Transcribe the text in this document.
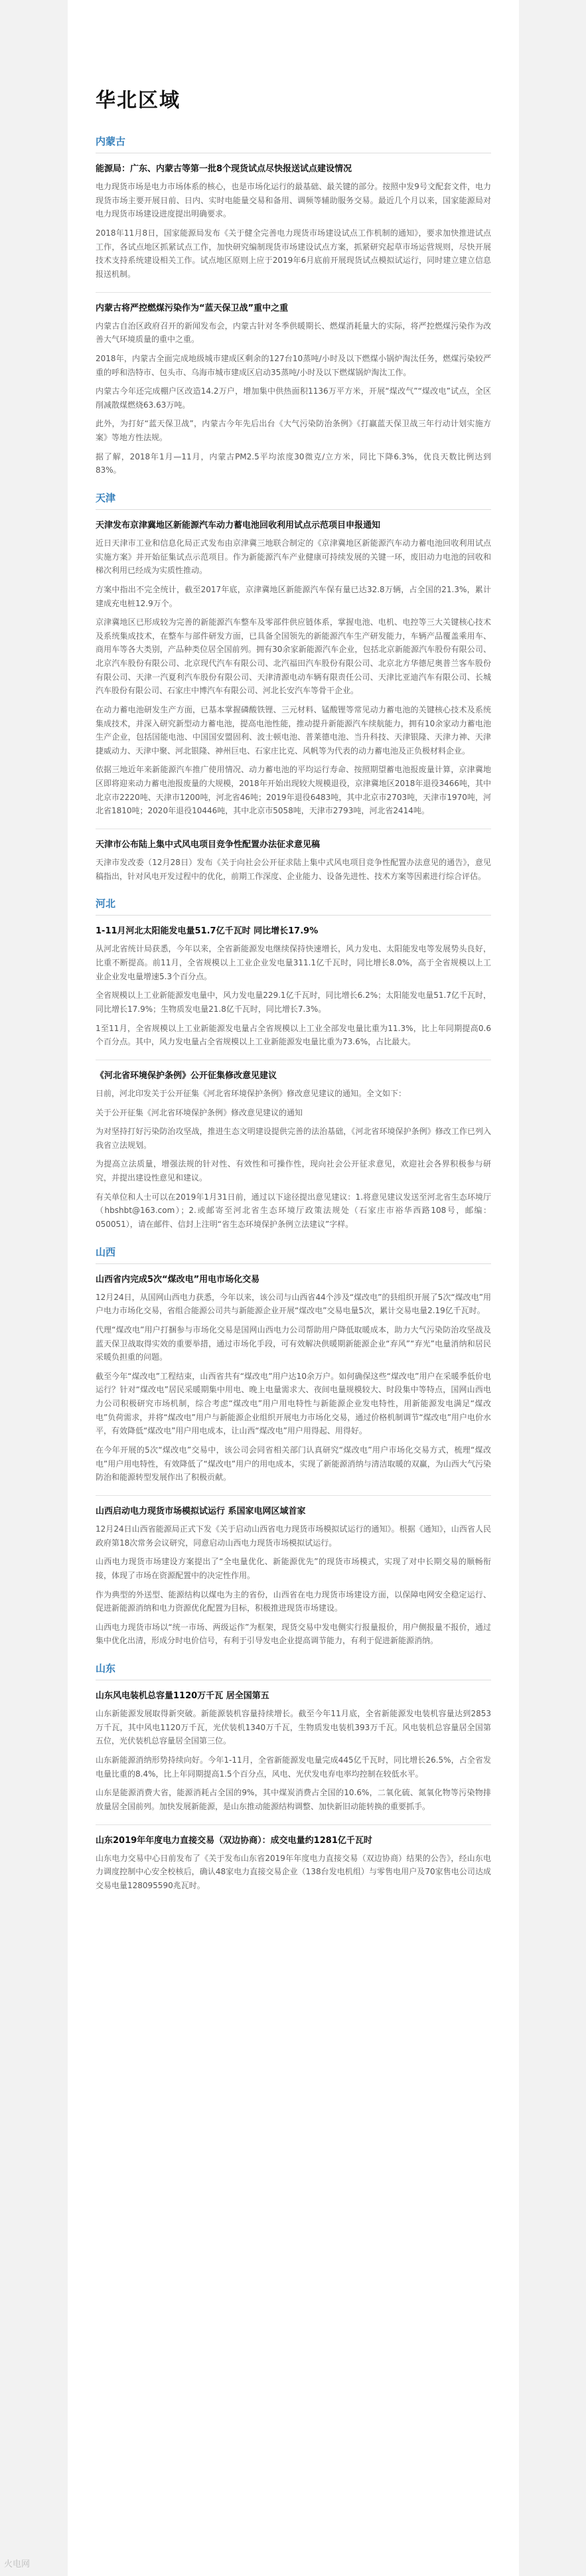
华北区域
内蒙古
能源局：广东、内蒙古等第一批8个现货试点尽快报送试点建设情况

电力现货市场是电力市场体系的核心，也是市场化运行的最基础、最关键的部分。按照中发9号文配套文件，电力现货市场主要开展日前、日内、实时电能量交易和备用、调频等辅助服务交易。最近几个月以来，国家能源局对电力现货市场建设进度提出明确要求。

2018年11月8日，国家能源局发布《关于健全完善电力现货市场建设试点工作机制的通知》，要求加快推进试点工作，各试点地区抓紧试点工作，加快研究编制现货市场建设试点方案，抓紧研究起草市场运营规则，尽快开展技术支持系统建设相关工作。试点地区原则上应于2019年6月底前开展现货试点模拟试运行，同时建立建立信息报送机制。

内蒙古将严控燃煤污染作为“蓝天保卫战”重中之重

内蒙古自治区政府召开的新闻发布会，内蒙古针对冬季供暖期长、燃煤消耗量大的实际，将严控燃煤污染作为改善大气环境质量的重中之重。

2018年，内蒙古全面完成地级城市建成区剩余的127台10蒸吨/小时及以下燃煤小锅炉淘汰任务，燃煤污染较严重的呼和浩特市、包头市、乌海市城市建成区启动35蒸吨/小时及以下燃煤锅炉淘汰工作。

内蒙古今年还完成棚户区改造14.2万户，增加集中供热面积1136万平方米，开展“煤改气”“煤改电”试点，全区削减散煤燃烧63.63万吨。

此外，为打好“蓝天保卫战”，内蒙古今年先后出台《大气污染防治条例》《打赢蓝天保卫战三年行动计划实施方案》等地方性法规。

据了解，2018年1月—11月，内蒙古PM2.5平均浓度30微克/立方米，同比下降6.3%，优良天数比例达到83%。

天津
天津发布京津冀地区新能源汽车动力蓄电池回收利用试点示范项目申报通知

近日天津市工业和信息化局正式发布由京津冀三地联合制定的《京津冀地区新能源汽车动力蓄电池回收利用试点实施方案》并开始征集试点示范项目。作为新能源汽车产业健康可持续发展的关键一环，废旧动力电池的回收和梯次利用已经成为实质性推动。

方案中指出不完全统计，截至2017年底，京津冀地区新能源汽车保有量已达32.8万辆，占全国的21.3%，累计建成充电桩12.9万个。

京津冀地区已形成较为完善的新能源汽车整车及零部件供应链体系，掌握电池、电机、电控等三大关键核心技术及系统集成技术，在整车与部件研发方面，已具备全国领先的新能源汽车生产研发能力，车辆产品覆盖乘用车、商用车等各大类别，产品种类位居全国前列。拥有30余家新能源汽车企业，包括北京新能源汽车股份有限公司、北京汽车股份有限公司、北京现代汽车有限公司、北汽福田汽车股份有限公司、北京北方华德尼奥普兰客车股份有限公司、天津一汽夏利汽车股份有限公司、天津清源电动车辆有限责任公司、天津比亚迪汽车有限公司、长城汽车股份有限公司、石家庄中博汽车有限公司、河北长安汽车等骨干企业。

在动力蓄电池研发生产方面，已基本掌握磷酸铁锂、三元材料、锰酸锂等常见动力蓄电池的关键核心技术及系统集成技术，并深入研究新型动力蓄电池，提高电池性能，推动提升新能源汽车续航能力，拥有10余家动力蓄电池生产企业，包括国能电池、中国国安盟固利、波士顿电池、普莱德电池、当升科技、天津银隆、天津力神、天津捷威动力、天津中聚、河北银隆、神州巨电、石家庄比克、风帆等为代表的动力蓄电池及正负极材料企业。

依据三地近年来新能源汽车推广使用情况、动力蓄电池的平均运行寿命、按照期望蓄电池报废量计算，京津冀地区即将迎来动力蓄电池报废量的大规模，2018年开始出现较大规模退役，京津冀地区2018年退役3466吨，其中北京市2220吨、天津市1200吨，河北省46吨；2019年退役6483吨，其中北京市2703吨，天津市1970吨，河北省1810吨；2020年退役10446吨，其中北京市5058吨，天津市2793吨，河北省2414吨。

天津市公布陆上集中式风电项目竞争性配置办法征求意见稿

天津市发改委（12月28日）发布《关于向社会公开征求陆上集中式风电项目竞争性配置办法意见的通告》，意见稿指出，针对风电开发过程中的优化，前期工作深度、企业能力、设备先进性、技术方案等因素进行综合评估。

河北
1-11月河北太阳能发电量51.7亿千瓦时 同比增长17.9%

从河北省统计局获悉，今年以来，全省新能源发电继续保持快速增长，风力发电、太阳能发电等发展势头良好，比重不断提高。前11月，全省规模以上工业企业发电量311.1亿千瓦时，同比增长8.0%，高于全省规模以上工业企业发电量增速5.3个百分点。

全省规模以上工业新能源发电量中，风力发电量229.1亿千瓦时，同比增长6.2%；太阳能发电量51.7亿千瓦时，同比增长17.9%；生物质发电量21.8亿千瓦时，同比增长7.3%。

1至11月，全省规模以上工业新能源发电量占全省规模以上工业全部发电量比重为11.3%，比上年同期提高0.6个百分点。其中，风力发电量占全省规模以上工业新能源发电量比重为73.6%，占比最大。

《河北省环境保护条例》公开征集修改意见建议

日前，河北印发关于公开征集《河北省环境保护条例》修改意见建议的通知。全文如下：

关于公开征集《河北省环境保护条例》修改意见建议的通知

为对坚持打好污染防治攻坚战，推进生态文明建设提供完善的法治基础，《河北省环境保护条例》修改工作已列入我省立法规划。

为提高立法质量，增强法规的针对性、有效性和可操作性，现向社会公开征求意见，欢迎社会各界积极参与研究，并提出建设性意见和建议。

有关单位和人士可以在2019年1月31日前，通过以下途径提出意见建议：1.将意见建议发送至河北省生态环境厅（hbshbt@163.com）；2.或邮寄至河北省生态环境厅政策法规处（石家庄市裕华西路108号，邮编：050051），请在邮件、信封上注明“省生态环境保护条例立法建议”字样。

山西
山西省内完成5次“煤改电”用电市场化交易

12月24日，从国网山西电力获悉，今年以来，该公司与山西省44个涉及“煤改电”的县组织开展了5次“煤改电”用户电力市场化交易，省组合能源公司共与新能源企业开展“煤改电”交易电量5次，累计交易电量2.19亿千瓦时。

代理“煤改电”用户打捆参与市场化交易是国网山西电力公司帮助用户降低取暖成本，助力大气污染防治攻坚战及蓝天保卫战取得实效的重要举措，通过市场化手段，可有效解决供暖期新能源企业“弃风”“弃光”电量消纳和居民采暖负担重的问题。

截至今年“煤改电”工程结束，山西省共有“煤改电”用户达10余万户。如何确保这些“煤改电”用户在采暖季低价电运行？针对“煤改电”居民采暖期集中用电、晚上电量需求大、夜间电量规模较大、时段集中等特点，国网山西电力公司积极研究市场机制，综合考虑“煤改电”用户用电特性与新能源企业发电特性，用新能源发电满足“煤改电”负荷需求，并将“煤改电”用户与新能源企业组织开展电力市场化交易，通过价格机制调节“煤改电”用户电价水平，有效降低“煤改电”用户用电成本，让山西“煤改电”用户用得起、用得好。

在今年开展的5次“煤改电”交易中，该公司会同省相关部门认真研究“煤改电”用户市场化交易方式，梳理“煤改电”用户用电特性，有效降低了“煤改电”用户的用电成本，实现了新能源消纳与清洁取暖的双赢，为山西大气污染防治和能源转型发展作出了积极贡献。

山西启动电力现货市场模拟试运行 系国家电网区域首家

12月24日山西省能源局正式下发《关于启动山西省电力现货市场模拟试运行的通知》。根据《通知》，山西省人民政府第18次常务会议研究，同意启动山西电力现货市场模拟试运行。

山西电力现货市场建设方案提出了“全电量优化、新能源优先”的现货市场模式，实现了对中长期交易的顺畅衔接，体现了市场在资源配置中的决定性作用。

作为典型的外送型、能源结构以煤电为主的省份，山西省在电力现货市场建设方面，以保障电网安全稳定运行、促进新能源消纳和电力资源优化配置为目标，积极推进现货市场建设。

山西电力现货市场以“统一市场、两级运作”为框架，现货交易中发电侧实行报量报价，用户侧报量不报价，通过集中优化出清，形成分时电价信号，有利于引导发电企业提高调节能力，有利于促进新能源消纳。

山东
山东风电装机总容量1120万千瓦 居全国第五

山东新能源发展取得新突破。新能源装机容量持续增长。截至今年11月底，全省新能源发电装机容量达到2853万千瓦，其中风电1120万千瓦，光伏装机1340万千瓦，生物质发电装机393万千瓦。风电装机总容量居全国第五位，光伏装机总容量居全国第三位。

山东新能源消纳形势持续向好。今年1-11月，全省新能源发电量完成445亿千瓦时，同比增长26.5%，占全省发电量比重的8.4%，比上年同期提高1.5个百分点，风电、光伏发电弃电率均控制在较低水平。

山东是能源消费大省，能源消耗占全国的9%，其中煤炭消费占全国的10.6%，二氧化硫、氮氧化物等污染物排放量居全国前列。加快发展新能源，是山东推动能源结构调整、加快新旧动能转换的重要抓手。

山东2019年年度电力直接交易（双边协商）：成交电量约1281亿千瓦时

山东电力交易中心日前发布了《关于发布山东省2019年年度电力直接交易（双边协商）结果的公告》，经山东电力调度控制中心安全校核后，确认48家电力直接交易企业（138台发电机组）与零售电用户及70家售电公司达成交易电量128095590兆瓦时。

火电网
